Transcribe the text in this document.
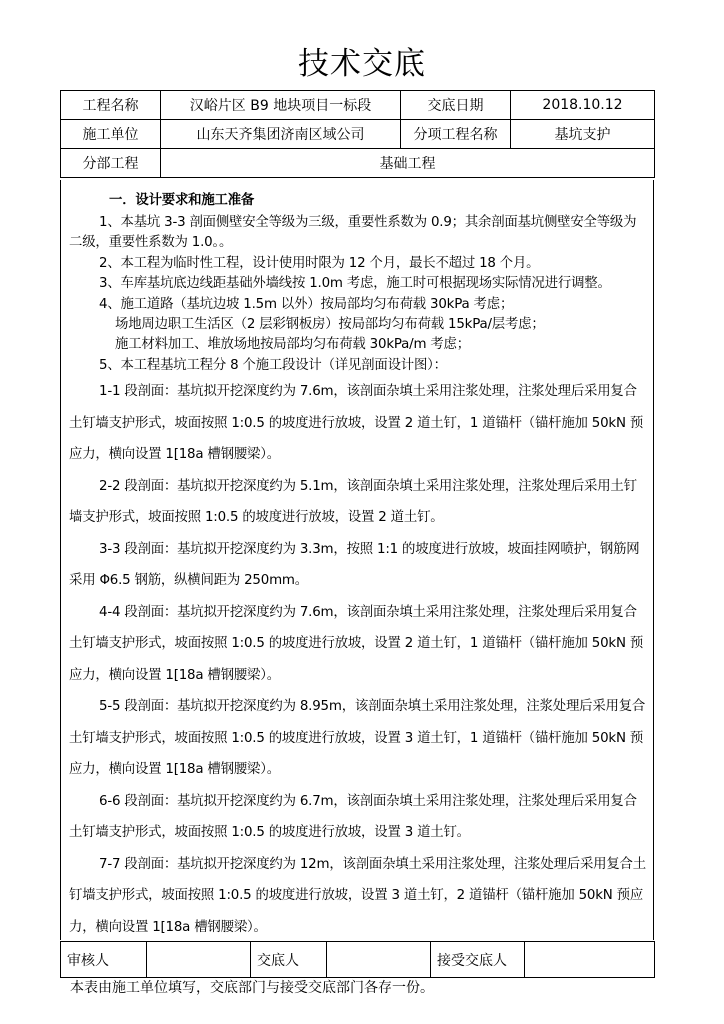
技术交底
工程名称	汉峪片区 B9 地块项目一标段	交底日期	2018.10.12
施工单位	山东天齐集团济南区域公司	分项工程名称	基坑支护
分部工程	基础工程		
一．设计要求和施工准备

1、本基坑 3-3 剖面侧壁安全等级为三级，重要性系数为 0.9；其余剖面基坑侧壁安全等级为二级，重要性系数为 1.0。。

2、本工程为临时性工程，设计使用时限为 12 个月，最长不超过 18 个月。

3、车库基坑底边线距基础外墙线按 1.0m 考虑，施工时可根据现场实际情况进行调整。

4、施工道路（基坑边坡 1.5m 以外）按局部均匀布荷载 30kPa 考虑；

场地周边职工生活区（2 层彩钢板房）按局部均匀布荷载 15kPa/层考虑；

施工材料加工、堆放场地按局部均匀布荷载 30kPa/m 考虑；

5、本工程基坑工程分 8 个施工段设计（详见剖面设计图）：

1-1 段剖面：基坑拟开挖深度约为 7.6m，该剖面杂填土采用注浆处理，注浆处理后采用复合土钉墙支护形式，坡面按照 1:0.5 的坡度进行放坡，设置 2 道土钉，1 道锚杆（锚杆施加 50kN 预应力，横向设置 1[18a 槽钢腰梁）。

2-2 段剖面：基坑拟开挖深度约为 5.1m，该剖面杂填土采用注浆处理，注浆处理后采用土钉墙支护形式，坡面按照 1:0.5 的坡度进行放坡，设置 2 道土钉。

3-3 段剖面：基坑拟开挖深度约为 3.3m，按照 1:1 的坡度进行放坡，坡面挂网喷护，钢筋网采用 Φ6.5 钢筋，纵横间距为 250mm。

4-4 段剖面：基坑拟开挖深度约为 7.6m，该剖面杂填土采用注浆处理，注浆处理后采用复合土钉墙支护形式，坡面按照 1:0.5 的坡度进行放坡，设置 2 道土钉，1 道锚杆（锚杆施加 50kN 预应力，横向设置 1[18a 槽钢腰梁）。

5-5 段剖面：基坑拟开挖深度约为 8.95m，该剖面杂填土采用注浆处理，注浆处理后采用复合土钉墙支护形式，坡面按照 1:0.5 的坡度进行放坡，设置 3 道土钉，1 道锚杆（锚杆施加 50kN 预应力，横向设置 1[18a 槽钢腰梁）。

6-6 段剖面：基坑拟开挖深度约为 6.7m，该剖面杂填土采用注浆处理，注浆处理后采用复合土钉墙支护形式，坡面按照 1:0.5 的坡度进行放坡，设置 3 道土钉。

7-7 段剖面：基坑拟开挖深度约为 12m，该剖面杂填土采用注浆处理，注浆处理后采用复合土钉墙支护形式，坡面按照 1:0.5 的坡度进行放坡，设置 3 道土钉，2 道锚杆（锚杆施加 50kN 预应力，横向设置 1[18a 槽钢腰梁）。

审核人		交底人		接受交底人	
本表由施工单位填写，交底部门与接受交底部门各存一份。
